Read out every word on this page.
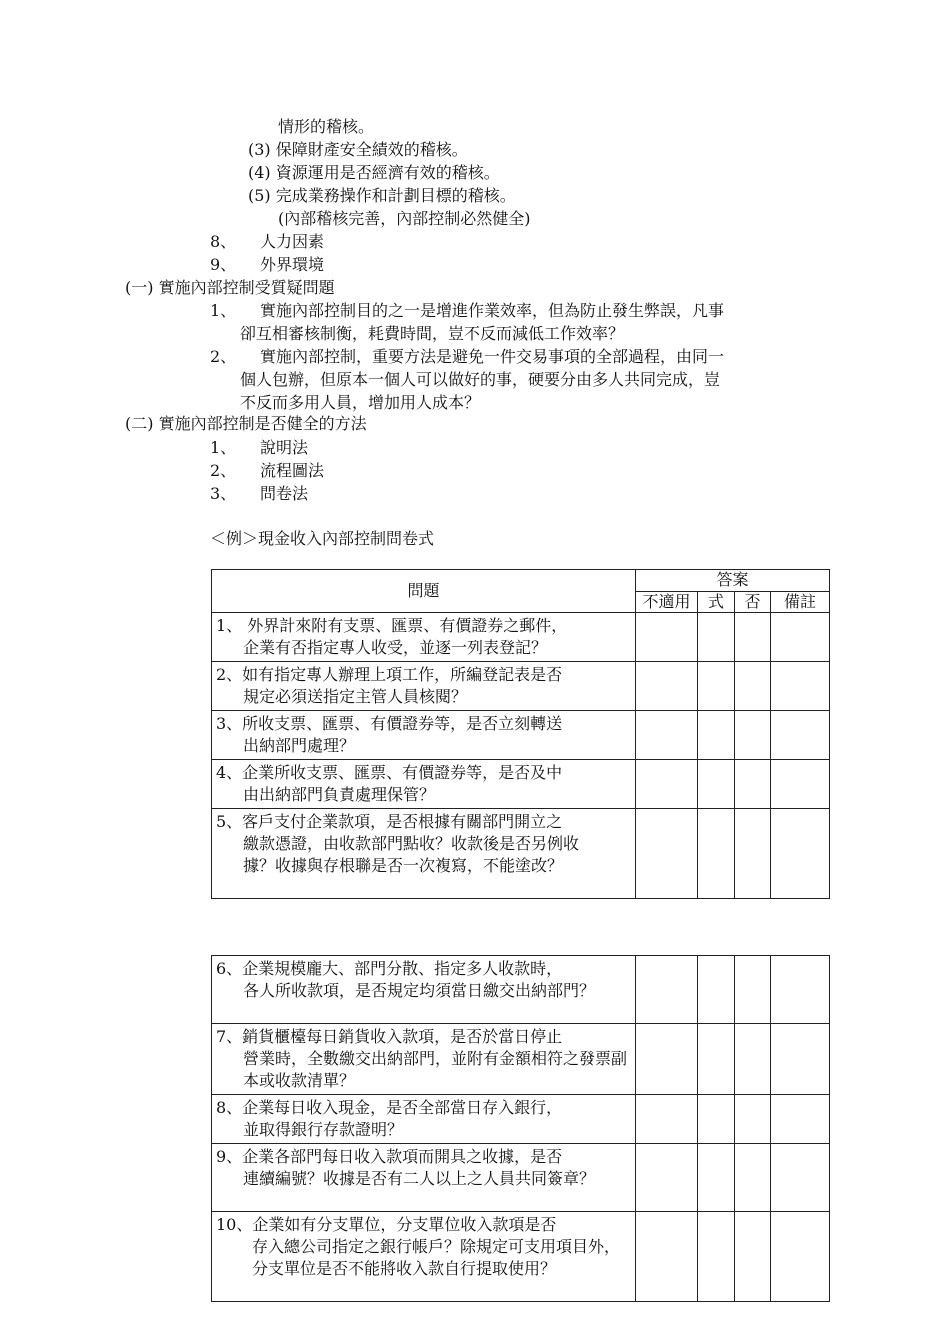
情形的稽核。
(3) 保障財產安全績效的稽核。
(4) 資源運用是否經濟有效的稽核。
(5) 完成業務操作和計劃目標的稽核。
(內部稽核完善，內部控制必然健全)
8、 人力因素
9、 外界環境
(一) 實施內部控制受質疑問題
1、 實施內部控制目的之一是增進作業效率，但為防止發生弊誤，凡事
卻互相審核制衡，耗費時間，豈不反而減低工作效率？
2、 實施內部控制，重要方法是避免一件交易事項的全部過程，由同一
個人包辦，但原本一個人可以做好的事，硬要分由多人共同完成，豈
不反而多用人員，增加用人成本？
(二) 實施內部控制是否健全的方法
1、 說明法
2、 流程圖法
3、 問卷法
＜例＞現金收入內部控制問卷式
問題	答案			
	不適用	式	否	備註

1、 外界計來附有支票、匯票、有價證券之郵件，
企業有否指定專人收受，並逐一列表登記？				

2、如有指定專人辦理上項工作，所編登記表是否
規定必須送指定主管人員核閱？				

3、所收支票、匯票、有價證券等，是否立刻轉送
出納部門處理？				

4、企業所收支票、匯票、有價證券等，是否及中
由出納部門負責處理保管？				

5、客戶支付企業款項，是否根據有關部門開立之
繳款憑證，由收款部門點收？收款後是否另例收據？收據與存根聯是否一次複寫，不能塗改？				

6、企業規模龐大、部門分散、指定多人收款時，
各人所收款項，是否規定均須當日繳交出納部門？				

7、銷貨櫃檯每日銷貨收入款項，是否於當日停止
營業時，全數繳交出納部門，並附有金額相符之發票副本或收款清單？				

8、企業每日收入現金，是否全部當日存入銀行，
並取得銀行存款證明？				

9、企業各部門每日收入款項而開具之收據，是否
連續編號？收據是否有二人以上之人員共同簽章？				

10、企業如有分支單位，分支單位收入款項是否
存入總公司指定之銀行帳戶？除規定可支用項目外，分支單位是否不能將收入款自行提取使用？				
